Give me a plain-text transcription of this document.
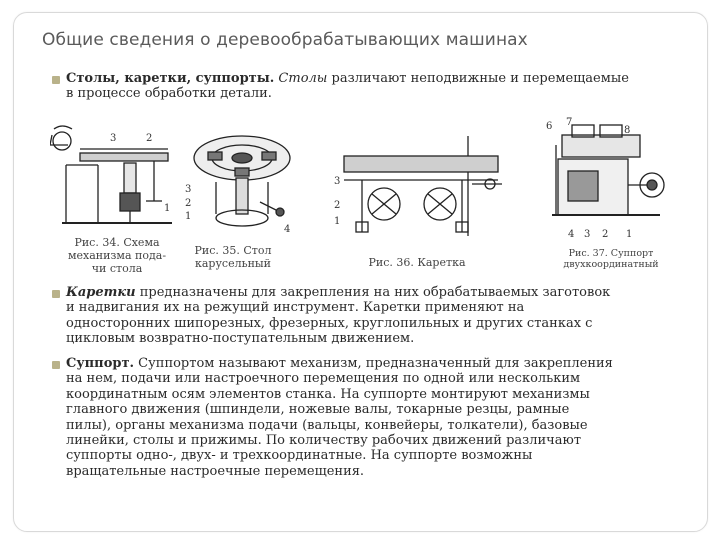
Общие сведения о деревообрабатывающих машинах
Столы, каретки, суппорты. Столы различают неподвижные и перемещаемые
в процессе обработки детали.
3	2
1
Рис. 34. Схема
механизма пода-
чи стола
3
2
1
4
Рис. 35. Стол
карусельный
3
2
1
Рис. 36. Каретка
6 7
8
4 3 2 1
Рис. 37. Суппорт
двухкоординатный
Каретки предназначены для закрепления на них обрабатываемых заготовок
и надвигания их на режущий инструмент. Каретки применяют на
односторонних шипорезных, фрезерных, круглопильных и других станках с
цикловым возвратно-поступательным движением.
Суппорт. Суппортом называют механизм, предназначенный для закрепления
на нем, подачи или настроечного перемещения по одной или нескольким
координатным осям элементов станка. На суппорте монтируют механизмы
главного движения (шпиндели, ножевые валы, токарные резцы, рамные
пилы), органы механизма подачи (вальцы, конвейеры, толкатели), базовые
линейки, столы и прижимы. По количеству рабочих движений различают
суппорты одно-, двух- и трехкоординатные. На суппорте возможны
вращательные настроечные перемещения.
